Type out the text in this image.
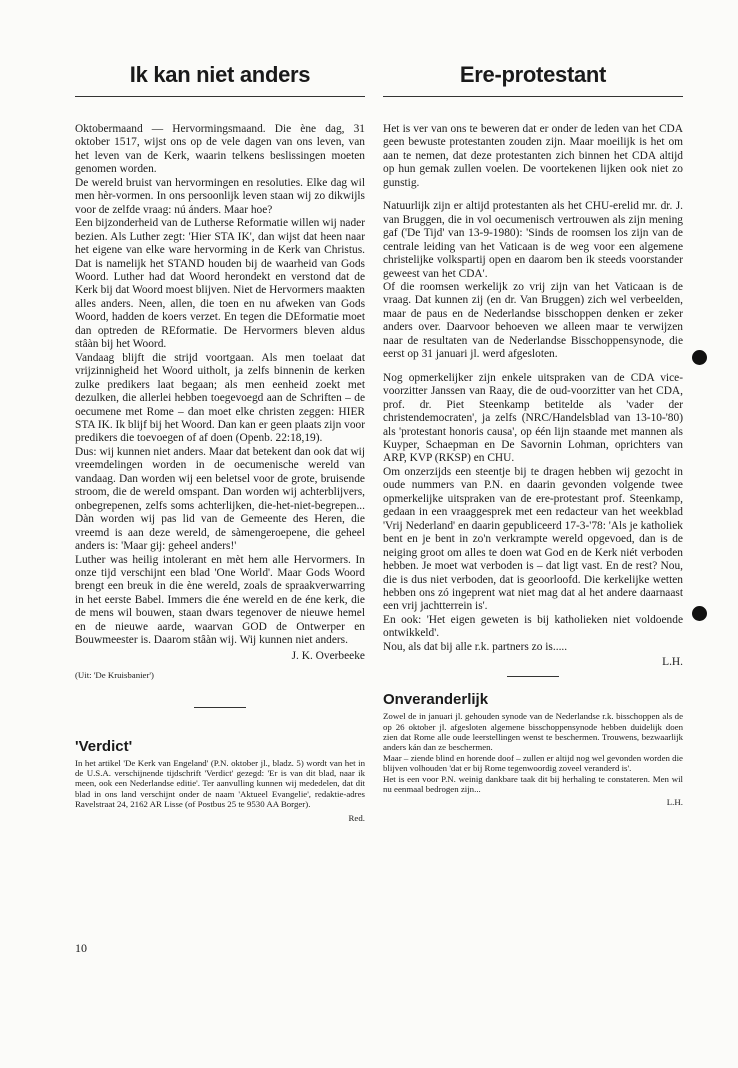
Ik kan niet anders

Oktobermaand — Hervormingsmaand. Die ène dag, 31 oktober 1517, wijst ons op de vele dagen van ons leven, van het leven van de Kerk, waarin telkens beslissingen moeten genomen worden.

De wereld bruist van hervormingen en resoluties. Elke dag wil men hèr-vormen. In ons persoonlijk leven staan wij zo dikwijls voor de zelfde vraag: nú ánders. Maar hoe?

Een bijzonderheid van de Lutherse Reformatie willen wij nader bezien. Als Luther zegt: 'Hier STA IK', dan wijst dat heen naar het eigene van elke ware hervorming in de Kerk van Christus. Dat is namelijk het STAND houden bij de waarheid van Gods Woord. Luther had dat Woord herondekt en verstond dat de Kerk bij dat Woord moest blijven. Niet de Hervormers maakten alles anders. Neen, allen, die toen en nu afweken van Gods Woord, hadden de koers verzet. En tegen die DEformatie moet dan optreden de REformatie. De Hervormers bleven aldus stâàn bij het Woord.

Vandaag blijft die strijd voortgaan. Als men toelaat dat vrijzinnigheid het Woord uitholt, ja zelfs binnenin de kerken zulke predikers laat begaan; als men eenheid zoekt met dezulken, die allerlei hebben toegevoegd aan de Schriften – de oecumene met Rome – dan moet elke christen zeggen: HIER STA IK. Ik blijf bij het Woord. Dan kan er geen plaats zijn voor predikers die toevoegen of af doen (Openb. 22:18,19).

Dus: wij kunnen niet anders. Maar dat betekent dan ook dat wij vreemdelingen worden in de oecumenische wereld van vandaag. Dan worden wij een beletsel voor de grote, bruisende stroom, die de wereld omspant. Dan worden wij achterblijvers, onbegrepenen, zelfs soms achterlijken, die-het-niet-begrepen... Dàn worden wij pas lid van de Gemeente des Heren, die vreemd is aan deze wereld, de sàmengeroepene, die geheel anders is: 'Maar gij: geheel anders!'

Luther was heilig intolerant en mèt hem alle Hervormers. In onze tijd verschijnt een blad 'One World'. Maar Gods Woord brengt een breuk in die ène wereld, zoals de spraakverwarring in het eerste Babel. Immers die éne wereld en de éne kerk, die de mens wil bouwen, staan dwars tegenover de nieuwe hemel en de nieuwe aarde, waarvan GOD de Ontwerper en Bouwmeester is. Daarom stâàn wij. Wij kunnen niet anders.

J. K. Overbeeke
(Uit: 'De Kruisbanier')
'Verdict'

In het artikel 'De Kerk van Engeland' (P.N. oktober jl., bladz. 5) wordt van het in de U.S.A. verschijnende tijdschrift 'Verdict' gezegd: 'Er is van dit blad, naar ik meen, ook een Nederlandse editie'. Ter aanvulling kunnen wij mededelen, dat dit blad in ons land verschijnt onder de naam 'Aktueel Evangelie', redaktie-adres Ravelstraat 24, 2162 AR Lisse (of Postbus 25 te 9530 AA Borger).

Red.
Ere-protestant

Het is ver van ons te beweren dat er onder de leden van het CDA geen bewuste protestanten zouden zijn. Maar moeilijk is het om aan te nemen, dat deze protestanten zich binnen het CDA altijd op hun gemak zullen voelen. De voortekenen lijken ook niet zo gunstig.

Natuurlijk zijn er altijd protestanten als het CHU-erelid mr. dr. J. van Bruggen, die in vol oecumenisch vertrouwen als zijn mening gaf ('De Tijd' van 13-9-1980): 'Sinds de roomsen los zijn van de centrale leiding van het Vaticaan is de weg voor een algemene christelijke volkspartij open en daarom ben ik steeds voorstander geweest van het CDA'.

Of die roomsen werkelijk zo vrij zijn van het Vaticaan is de vraag. Dat kunnen zij (en dr. Van Bruggen) zich wel verbeelden, maar de paus en de Nederlandse bisschoppen denken er zeker anders over. Daarvoor behoeven we alleen maar te verwijzen naar de resultaten van de Nederlandse Bisschoppensynode, die eerst op 31 januari jl. werd afgesloten.

Nog opmerkelijker zijn enkele uitspraken van de CDA vice-voorzitter Janssen van Raay, die de oud-voorzitter van het CDA, prof. dr. Piet Steenkamp betitelde als 'vader der christendemocraten', ja zelfs (NRC/Handelsblad van 13-10-'80) als 'protestant honoris causa', op één lijn staande met mannen als Kuyper, Schaepman en De Savornin Lohman, oprichters van ARP, KVP (RKSP) en CHU.

Om onzerzijds een steentje bij te dragen hebben wij gezocht in oude nummers van P.N. en daarin gevonden volgende twee opmerkelijke uitspraken van de ere-protestant prof. Steenkamp, gedaan in een vraaggesprek met een redacteur van het weekblad 'Vrij Nederland' en daarin gepubliceerd 17-3-'78: 'Als je katholiek bent en je bent in zo'n verkrampte wereld opgevoed, dan is de neiging groot om alles te doen wat God en de Kerk niét verboden hebben. Je moet wat verboden is – dat ligt vast. En de rest? Nou, die is dus niet verboden, dat is geoorloofd. Die kerkelijke wetten hebben ons zó ingeprent wat niet mag dat al het andere daarnaast een vrij jachtterrein is'.

En ook: 'Het eigen geweten is bij katholieken niet voldoende ontwikkeld'.

Nou, als dat bij alle r.k. partners zo is.....

L.H.
Onveranderlijk

Zowel de in januari jl. gehouden synode van de Nederlandse r.k. bisschoppen als de op 26 oktober jl. afgesloten algemene bisschoppensynode hebben duidelijk doen zien dat Rome alle oude leerstellingen wenst te beschermen. Trouwens, bezwaarlijk anders kán dan ze beschermen.

Maar – ziende blind en horende doof – zullen er altijd nog wel gevonden worden die blijven volhouden 'dat er bij Rome tegenwoordig zoveel veranderd is'.

Het is een voor P.N. weinig dankbare taak dit bij herhaling te constateren. Men wil nu eenmaal bedrogen zijn...

L.H.
10
